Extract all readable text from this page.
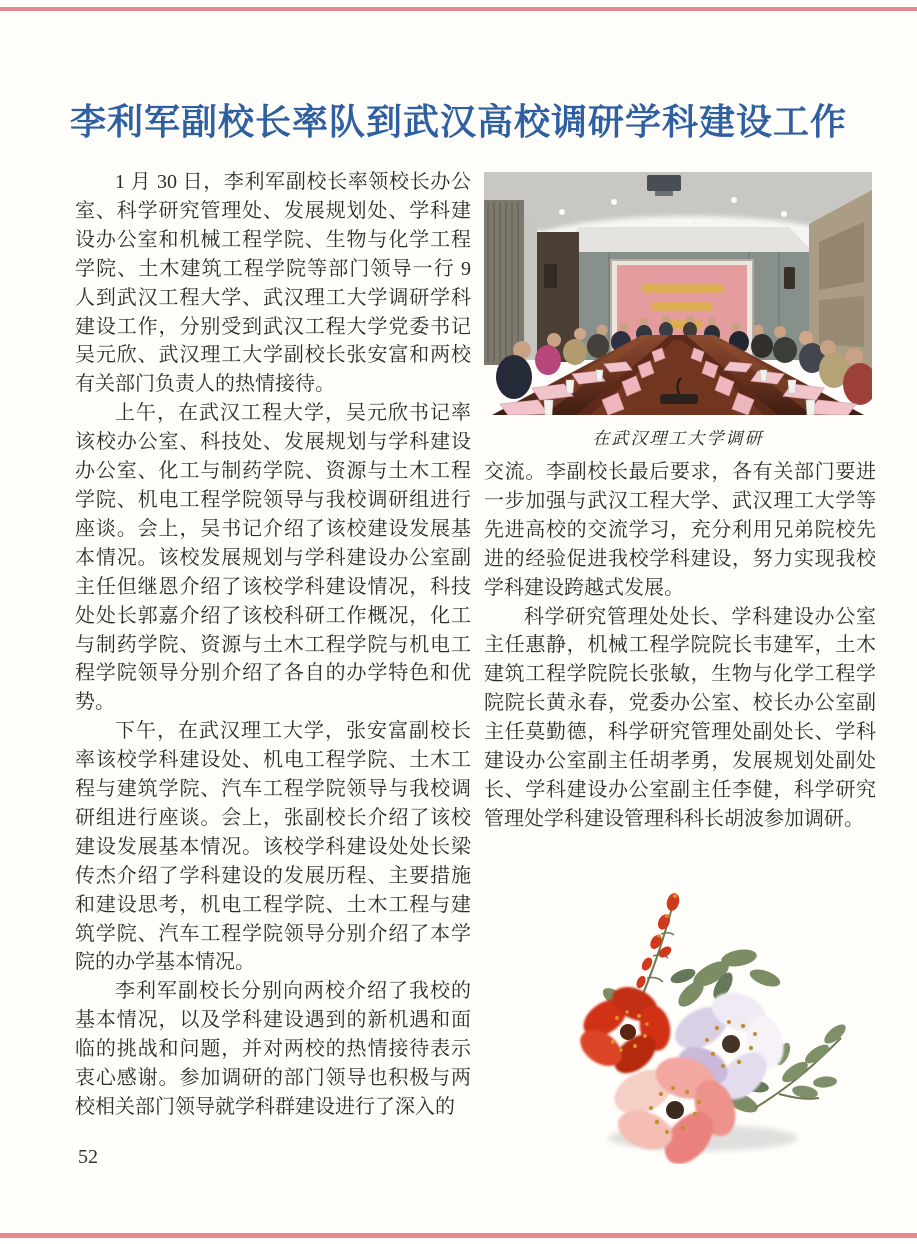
李利军副校长率队到武汉高校调研学科建设工作

1 月 30 日，李利军副校长率领校长办公室、科学研究管理处、发展规划处、学科建设办公室和机械工程学院、生物与化学工程学院、土木建筑工程学院等部门领导一行 9 人到武汉工程大学、武汉理工大学调研学科建设工作，分别受到武汉工程大学党委书记吴元欣、武汉理工大学副校长张安富和两校有关部门负责人的热情接待。

上午，在武汉工程大学，吴元欣书记率该校办公室、科技处、发展规划与学科建设办公室、化工与制药学院、资源与土木工程学院、机电工程学院领导与我校调研组进行座谈。会上，吴书记介绍了该校建设发展基本情况。该校发展规划与学科建设办公室副主任但继恩介绍了该校学科建设情况，科技处处长郭嘉介绍了该校科研工作概况，化工与制药学院、资源与土木工程学院与机电工程学院领导分别介绍了各自的办学特色和优势。

下午，在武汉理工大学，张安富副校长率该校学科建设处、机电工程学院、土木工程与建筑学院、汽车工程学院领导与我校调研组进行座谈。会上，张副校长介绍了该校建设发展基本情况。该校学科建设处处长梁传杰介绍了学科建设的发展历程、主要措施和建设思考，机电工程学院、土木工程与建筑学院、汽车工程学院领导分别介绍了本学院的办学基本情况。

李利军副校长分别向两校介绍了我校的基本情况，以及学科建设遇到的新机遇和面临的挑战和问题，并对两校的热情接待表示衷心感谢。参加调研的部门领导也积极与两校相关部门领导就学科群建设进行了深入的

在武汉理工大学调研

交流。李副校长最后要求，各有关部门要进一步加强与武汉工程大学、武汉理工大学等先进高校的交流学习，充分利用兄弟院校先进的经验促进我校学科建设，努力实现我校学科建设跨越式发展。

科学研究管理处处长、学科建设办公室主任惠静，机械工程学院院长韦建军，土木建筑工程学院院长张敏，生物与化学工程学院院长黄永春，党委办公室、校长办公室副主任莫勤德，科学研究管理处副处长、学科建设办公室副主任胡孝勇，发展规划处副处长、学科建设办公室副主任李健，科学研究管理处学科建设管理科科长胡波参加调研。

52
